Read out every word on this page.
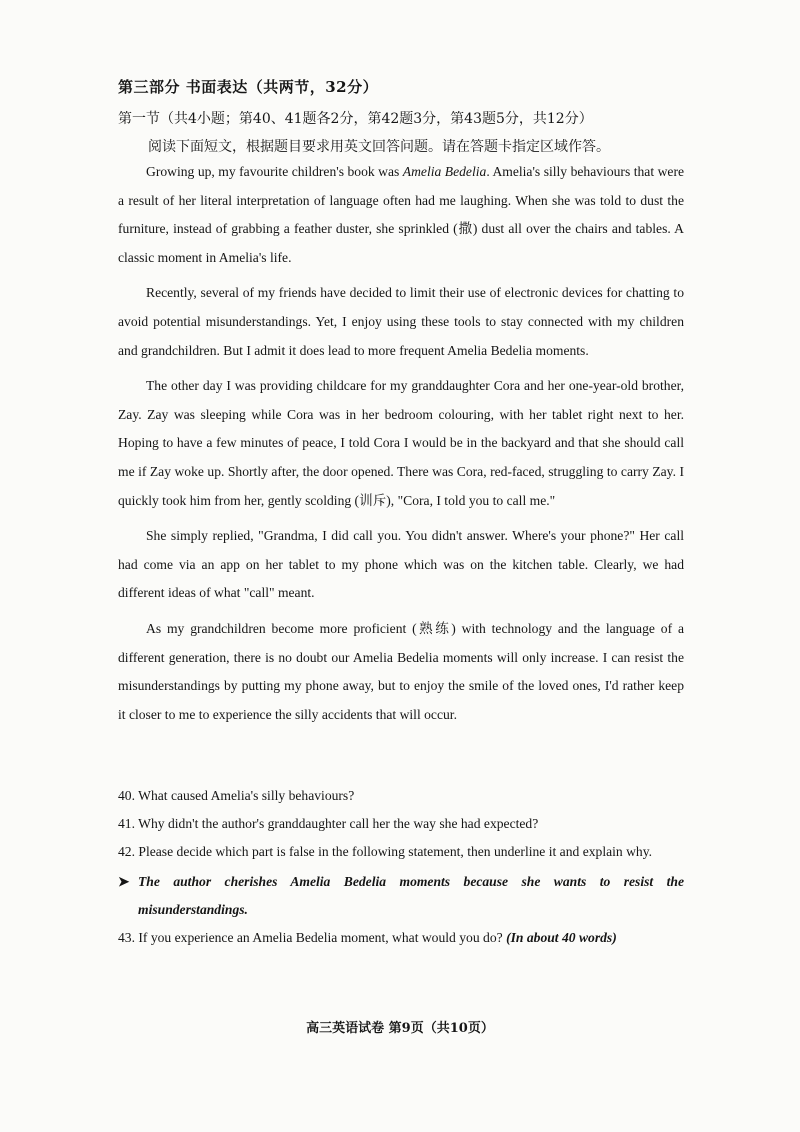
第三部分 书面表达（共两节，32分）
第一节（共4小题；第40、41题各2分，第42题3分，第43题5分，共12分）
阅读下面短文，根据题目要求用英文回答问题。请在答题卡指定区域作答。

Growing up, my favourite children's book was Amelia Bedelia. Amelia's silly behaviours that were a result of her literal interpretation of language often had me laughing. When she was told to dust the furniture, instead of grabbing a feather duster, she sprinkled (撒) dust all over the chairs and tables. A classic moment in Amelia's life.

Recently, several of my friends have decided to limit their use of electronic devices for chatting to avoid potential misunderstandings. Yet, I enjoy using these tools to stay connected with my children and grandchildren. But I admit it does lead to more frequent Amelia Bedelia moments.

The other day I was providing childcare for my granddaughter Cora and her one-year-old brother, Zay. Zay was sleeping while Cora was in her bedroom colouring, with her tablet right next to her. Hoping to have a few minutes of peace, I told Cora I would be in the backyard and that she should call me if Zay woke up. Shortly after, the door opened. There was Cora, red-faced, struggling to carry Zay. I quickly took him from her, gently scolding (训斥), "Cora, I told you to call me."

She simply replied, "Grandma, I did call you. You didn't answer. Where's your phone?" Her call had come via an app on her tablet to my phone which was on the kitchen table. Clearly, we had different ideas of what "call" meant.

As my grandchildren become more proficient (熟练) with technology and the language of a different generation, there is no doubt our Amelia Bedelia moments will only increase. I can resist the misunderstandings by putting my phone away, but to enjoy the smile of the loved ones, I'd rather keep it closer to me to experience the silly accidents that will occur.

40. What caused Amelia's silly behaviours?

41. Why didn't the author's granddaughter call her the way she had expected?

42. Please decide which part is false in the following statement, then underline it and explain why.

➤ The author cherishes Amelia Bedelia moments because she wants to resist the misunderstandings.

43. If you experience an Amelia Bedelia moment, what would you do? (In about 40 words)

高三英语试卷 第9页（共10页）
